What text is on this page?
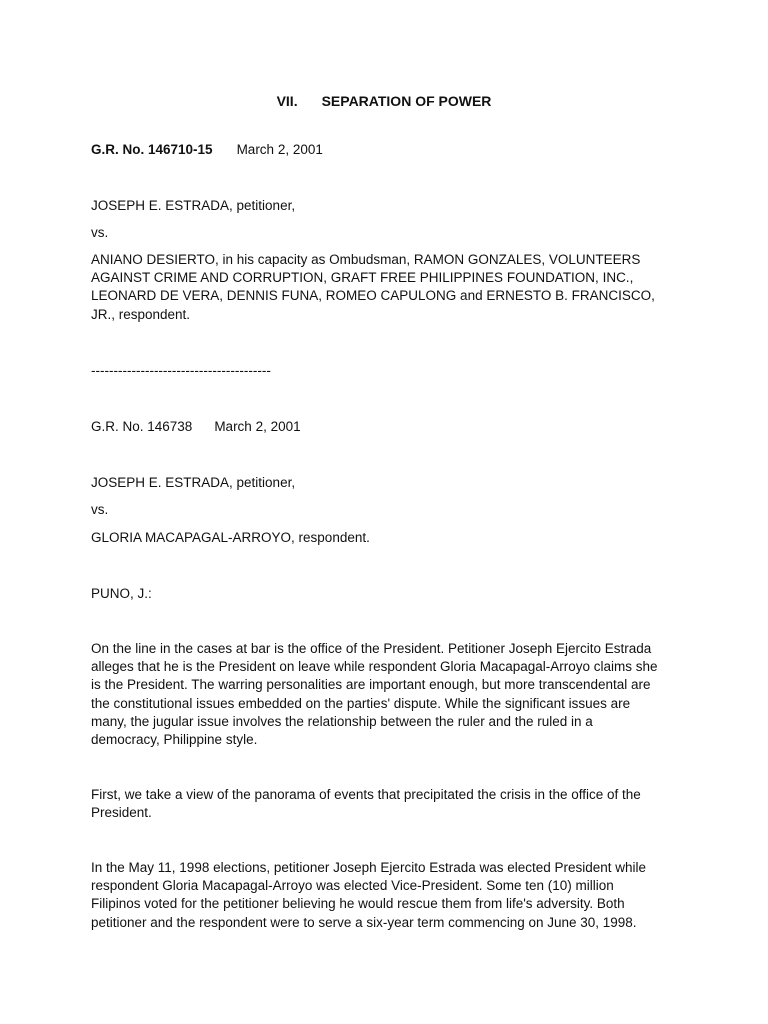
VII. SEPARATION OF POWER
G.R. No. 146710-15 March 2, 2001
JOSEPH E. ESTRADA, petitioner,
vs.
ANIANO DESIERTO, in his capacity as Ombudsman, RAMON GONZALES, VOLUNTEERS
AGAINST CRIME AND CORRUPTION, GRAFT FREE PHILIPPINES FOUNDATION, INC.,
LEONARD DE VERA, DENNIS FUNA, ROMEO CAPULONG and ERNESTO B. FRANCISCO,
JR., respondent.
----------------------------------------
G.R. No. 146738 March 2, 2001
JOSEPH E. ESTRADA, petitioner,
vs.
GLORIA MACAPAGAL-ARROYO, respondent.
PUNO, J.:
On the line in the cases at bar is the office of the President. Petitioner Joseph Ejercito Estrada
alleges that he is the President on leave while respondent Gloria Macapagal-Arroyo claims she
is the President. The warring personalities are important enough, but more transcendental are
the constitutional issues embedded on the parties' dispute. While the significant issues are
many, the jugular issue involves the relationship between the ruler and the ruled in a
democracy, Philippine style.
First, we take a view of the panorama of events that precipitated the crisis in the office of the
President.
In the May 11, 1998 elections, petitioner Joseph Ejercito Estrada was elected President while
respondent Gloria Macapagal-Arroyo was elected Vice-President. Some ten (10) million
Filipinos voted for the petitioner believing he would rescue them from life's adversity. Both
petitioner and the respondent were to serve a six-year term commencing on June 30, 1998.
